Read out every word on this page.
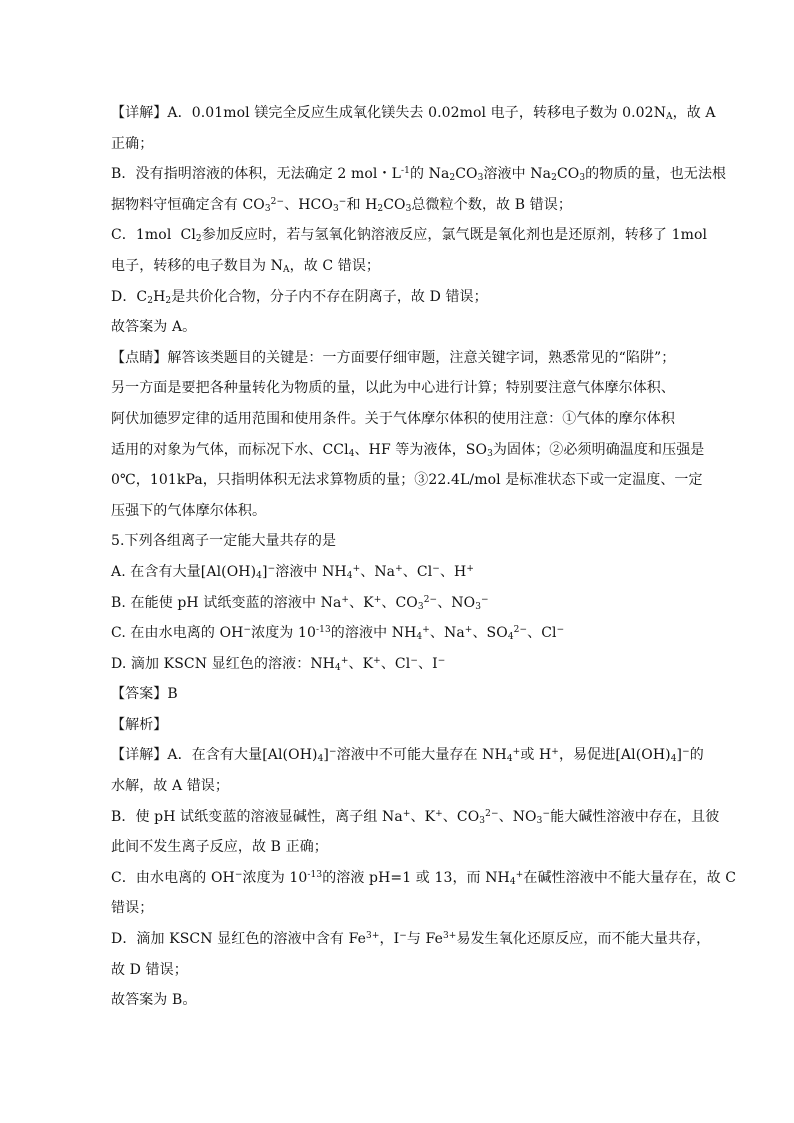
【详解】A．0.01mol 镁完全反应生成氧化镁失去 0.02mol 电子，转移电子数为 $0.02N_A$，故 A
正确；
B．没有指明溶液的体积，无法确定 2 mol・$L^{-1}$的 $Na_2CO_3$溶液中 $Na_2CO_3$的物质的量，也无法根
据物料守恒确定含有 $CO_3^{2-}$、$HCO_3^-$和 $H_2CO_3$总微粒个数，故 B 错误；
C．1mol  $Cl_2$参加反应时，若与氢氧化钠溶液反应，氯气既是氧化剂也是还原剂，转移了 1mol
电子，转移的电子数目为 $N_A$，故 C 错误；
D．$C_2H_2$是共价化合物，分子内不存在阴离子，故 D 错误；
故答案为 A。
【点睛】解答该类题目的关键是：一方面要仔细审题，注意关键字词，熟悉常见的“陷阱”；
另一方面是要把各种量转化为物质的量，以此为中心进行计算；特别要注意气体摩尔体积、
阿伏加德罗定律的适用范围和使用条件。关于气体摩尔体积的使用注意：①气体的摩尔体积
适用的对象为气体，而标况下水、CCl$_4$、HF 等为液体，$SO_3$为固体；②必须明确温度和压强是
0℃，101kPa，只指明体积无法求算物质的量；③22.4L/mol 是标准状态下或一定温度、一定
压强下的气体摩尔体积。
5.下列各组离子一定能大量共存的是
A. 在含有大量$[Al(OH)_4]^-$溶液中 $NH_4^+$、Na+、Cl−、H+
B. 在能使 pH 试纸变蓝的溶液中 Na+、K+、$CO_3^{2-}$、$NO_3^-$
C. 在由水电离的 OH−浓度为 $10^{-13}$的溶液中 $NH_4^+$、Na+、$SO_4^{2-}$、Cl−
D. 滴加 KSCN 显红色的溶液：$NH_4^+$、K+、Cl−、I−
【答案】B
【解析】
【详解】A．在含有大量$[Al(OH)_4]^-$溶液中不可能大量存在 $NH_4^+$或 H+，易促进$[Al(OH)_4]^-$的
水解，故 A 错误；
B．使 pH 试纸变蓝的溶液显碱性，离子组 Na+、K+、$CO_3^{2-}$、$NO_3^-$能大碱性溶液中存在，且彼
此间不发生离子反应，故 B 正确；
C．由水电离的 OH−浓度为 $10^{-13}$的溶液 pH=1 或 13，而 $NH_4^+$在碱性溶液中不能大量存在，故 C
错误；
D．滴加 KSCN 显红色的溶液中含有 $Fe^{3+}$，I−与 $Fe^{3+}$易发生氧化还原反应，而不能大量共存，
故 D 错误；
故答案为 B。
